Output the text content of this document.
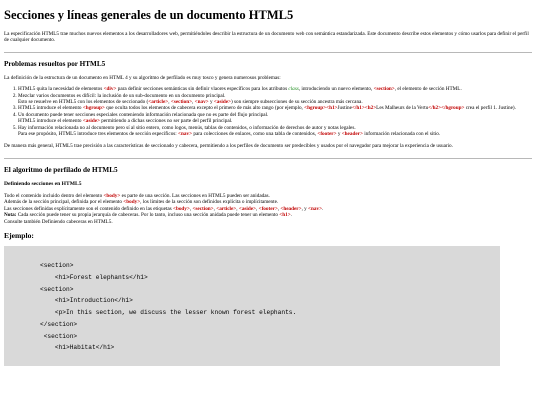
Secciones y líneas generales de un documento HTML5

La especificación HTML5 trae muchos nuevos elementos a los desarrolladores web, permitiéndoles describir la estructura de un documento web con semántica estandarizada. Este documento describe estos elementos y cómo usarlos para definir el perfil de cualquier documento.

Problemas resueltos por HTML5

La definición de la estructura de un documento en HTML 4 y su algoritmo de perfilado es muy tosco y genera numerosos problemas:

1. HTML5 quita la necesidad de elementos <div> para definir secciones semánticas sin definir vlaores específicos para los atributos class, introduciendo un nuevo elemento, <section>, el elemento de sección HTML.
2. Mezclar varios documentos es difícil: la inclusión de un sub-documento en un documento principal.
Esto se resuelve en HTML5 con los elementos de seccionado (<article>, <section>, <nav> y <aside>) son siempre subsecciones de su sección ancestra más cercana.
3. HTML5 introduce el elemento <hgroup> que oculta todos los elementos de cabecera excepto el primero de más alto rango (por ejemplo, <hgroup><h1>Justine</h1><h2>Les Malheurs de la Vertu</h2></hgroup> crea el perfil 1. Justine).
4. Un documento puede tener secciones especiales conteniendo información relacionada que no es parte del flujo principal.
HTML5 introduce el elemento <aside> permitiendo a dichas secciones no ser parte del perfil principal.
5. Hay información relacionada no al documento pero sí al sitio entero, como logos, menús, tablas de contenidos, o información de derechos de autor y notas legales.
Para ese propósito, HTML5 introduce tres elementos de sección específicos: <nav> para colecciones de enlaces, como una tabla de contenidos, <footer> y <header> información relacionada con el sitio.

De manera más general, HTML5 trae precisión a las características de seccionado y cabecera, permitiendo a los perfiles de documento ser predecibles y usados por el navegador para mejorar la experiencia de usuario.

El algoritmo de perfilado de HTML5
Definiendo secciones en HTML5
Todo el contenido incluido dentro del elemento <body> es parte de una sección. Las secciones en HTML5 pueden ser anidadas.
Además de la sección principal, definida por el elemento <body>, los límites de la sección son definidos explícita o implícitamente.
Las secciones definidas explícitamente son el contenido definido en las etiquetas <body>, <section>, <article>, <aside>, <footer>, <header>, y <nav>.
Nota: Cada sección puede tener su propia jerarquía de cabeceras. Por lo tanto, incluso una sección anidada puede tener un elemento <h1>.
Consulte también Definiendo cabeceras en HTML5.
Ejemplo:
<section>
<h1>Forest elephants</h1>
<section>
<h1>Introduction</h1>
<p>In this section, we discuss the lesser known forest elephants.
</section>
<section>
<h1>Habitat</h1>
